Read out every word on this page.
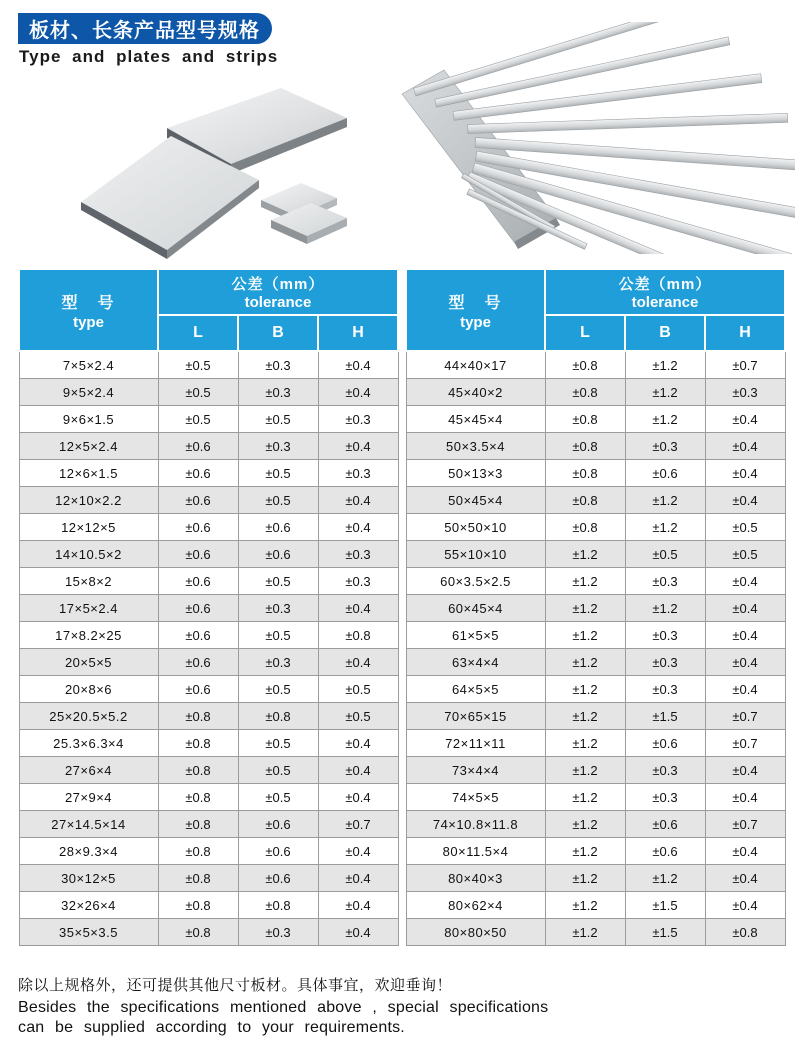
板材、长条产品型号规格
Type and plates and strips
型　号
type

公差（mm）
tolerance

	L	B	H
7×5×2.4	±0.5	±0.3	±0.4
9×5×2.4	±0.5	±0.3	±0.4
9×6×1.5	±0.5	±0.5	±0.3
12×5×2.4	±0.6	±0.3	±0.4
12×6×1.5	±0.6	±0.5	±0.3
12×10×2.2	±0.6	±0.5	±0.4
12×12×5	±0.6	±0.6	±0.4
14×10.5×2	±0.6	±0.6	±0.3
15×8×2	±0.6	±0.5	±0.3
17×5×2.4	±0.6	±0.3	±0.4
17×8.2×25	±0.6	±0.5	±0.8
20×5×5	±0.6	±0.3	±0.4
20×8×6	±0.6	±0.5	±0.5
25×20.5×5.2	±0.8	±0.8	±0.5
25.3×6.3×4	±0.8	±0.5	±0.4
27×6×4	±0.8	±0.5	±0.4
27×9×4	±0.8	±0.5	±0.4
27×14.5×14	±0.8	±0.6	±0.7
28×9.3×4	±0.8	±0.6	±0.4
30×12×5	±0.8	±0.6	±0.4
32×26×4	±0.8	±0.8	±0.4
35×5×3.5	±0.8	±0.3	±0.4
型　号
type

公差（mm）
tolerance

	L	B	H
44×40×17	±0.8	±1.2	±0.7
45×40×2	±0.8	±1.2	±0.3
45×45×4	±0.8	±1.2	±0.4
50×3.5×4	±0.8	±0.3	±0.4
50×13×3	±0.8	±0.6	±0.4
50×45×4	±0.8	±1.2	±0.4
50×50×10	±0.8	±1.2	±0.5
55×10×10	±1.2	±0.5	±0.5
60×3.5×2.5	±1.2	±0.3	±0.4
60×45×4	±1.2	±1.2	±0.4
61×5×5	±1.2	±0.3	±0.4
63×4×4	±1.2	±0.3	±0.4
64×5×5	±1.2	±0.3	±0.4
70×65×15	±1.2	±1.5	±0.7
72×11×11	±1.2	±0.6	±0.7
73×4×4	±1.2	±0.3	±0.4
74×5×5	±1.2	±0.3	±0.4
74×10.8×11.8	±1.2	±0.6	±0.7
80×11.5×4	±1.2	±0.6	±0.4
80×40×3	±1.2	±1.2	±0.4
80×62×4	±1.2	±1.5	±0.4
80×80×50	±1.2	±1.5	±0.8
除以上规格外，还可提供其他尺寸板材。具体事宜，欢迎垂询！
Besides the specifications mentioned above , special specifications
can be supplied according to your requirements.
